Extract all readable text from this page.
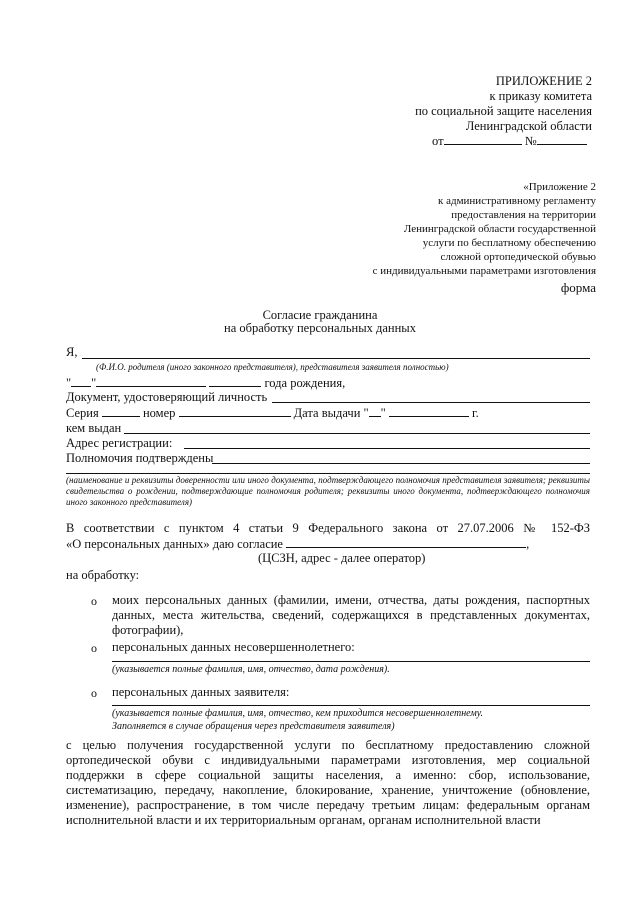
ПРИЛОЖЕНИЕ 2
к приказу комитета
по социальной защите населения
Ленинградской области
от	№
«Приложение 2
к административному регламенту
предоставления на территории
Ленинградской области государственной
услуги по бесплатному обеспечению
сложной ортопедической обувью
с индивидуальными параметрами изготовления
форма
Согласие гражданина
на обработку персональных данных
Я,
(Ф.И.О. родителя (иного законного представителя), представителя заявителя полностью)
" "	года рождения,
Документ, удостоверяющий личность
Серия	номер	Дата выдачи " "	г.
кем выдан
Адрес регистрации:
Полномочия подтверждены
(наименование и реквизиты доверенности или иного документа, подтверждающего полномочия представителя заявителя; реквизиты свидетельства о рождении, подтверждающие полномочия родителя; реквизиты иного документа, подтверждающего полномочия иного законного представителя)
В соответствии с пунктом 4 статьи 9 Федерального закона от 27.07.2006 № 152-ФЗ
«О персональных данных» даю согласие	,
(ЦСЗН, адрес - далее оператор)
на обработку:
o моих персональных данных (фамилии, имени, отчества, даты рождения, паспортных данных, места жительства, сведений, содержащихся в представленных документах, фотографии),
o персональных данных несовершеннолетнего:
(указывается полные фамилия, имя, отчество, дата рождения).
o персональных данных заявителя:
(указывается полные фамилия, имя, отчество, кем приходится несовершеннолетнему.
Заполняется в случае обращения через представителя заявителя)
с целью получения государственной услуги по бесплатному предоставлению сложной ортопедической обуви с индивидуальными параметрами изготовления, мер социальной поддержки в сфере социальной защиты населения, а именно: сбор, использование, систематизацию, передачу, накопление, блокирование, хранение, уничтожение (обновление, изменение), распространение, в том числе передачу третьим лицам: федеральным органам исполнительной власти и их территориальным органам, органам исполнительной власти
